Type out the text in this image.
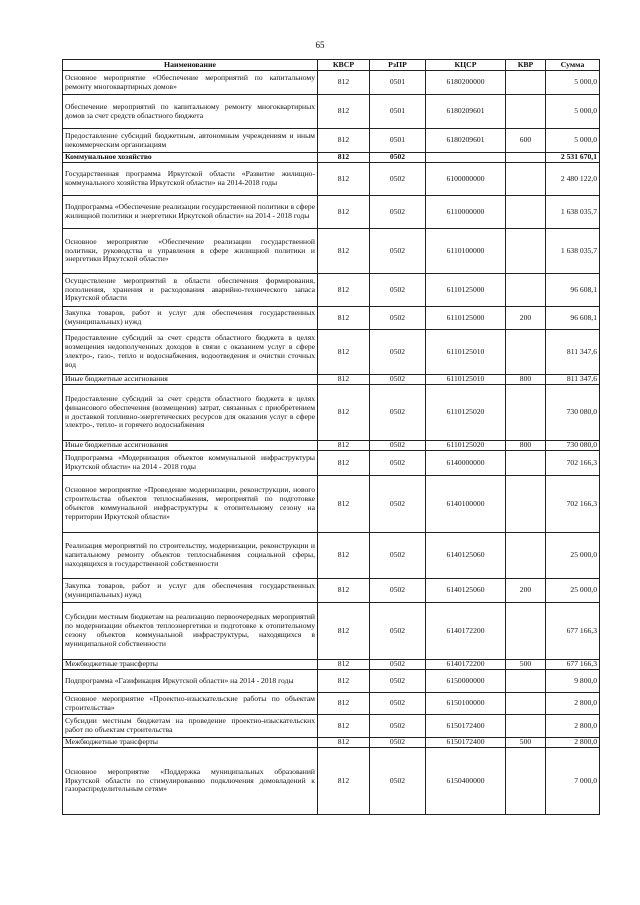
65
Наименование	КВСР	РзПР	КЦСР	КВР	Сумма
Основное мероприятие «Обеспечение мероприятий по капитальному ремонту многоквартирных домов»	812	0501	6180200000		5 000,0
Обеспечение мероприятий по капитальному ремонту многоквартирных домов за счет средств областного бюджета	812	0501	6180209601		5 000,0
Предоставление субсидий бюджетным, автономным учреждениям и иным некоммерческим организациям	812	0501	6180209601	600	5 000,0
Коммунальное хозяйство	812	0502			2 531 670,1
Государственная программа Иркутской области «Развитие жилищно-коммунального хозяйства Иркутской области» на 2014-2018 годы	812	0502	6100000000		2 480 122,0
Подпрограмма «Обеспечение реализации государственной политики в сфере жилищной политики и энергетики Иркутской области» на 2014 - 2018 годы	812	0502	6110000000		1 638 035,7
Основное мероприятие «Обеспечение реализации государственной политики, руководства и управления в сфере жилищной политики и энергетики Иркутской области»	812	0502	6110100000		1 638 035,7
Осуществление мероприятий в области обеспечения формирования, пополнения, хранения и расходования аварийно-технического запаса Иркутской области	812	0502	6110125000		96 608,1
Закупка товаров, работ и услуг для обеспечения государственных (муниципальных) нужд	812	0502	6110125000	200	96 608,1
Предоставление субсидий за счет средств областного бюджета в целях возмещения недополученных доходов в связи с оказанием услуг в сфере электро-, газо-, тепло и водоснабжения, водоотведения и очистки сточных вод	812	0502	6110125010		811 347,6
Иные бюджетные ассигнования	812	0502	6110125010	800	811 347,6
Предоставление субсидий за счет средств областного бюджета в целях финансового обеспечения (возмещения) затрат, связанных с приобретением и доставкой топливно-энергетических ресурсов для оказания услуг в сфере электро-, тепло- и горячего водоснабжения	812	0502	6110125020		730 080,0
Иные бюджетные ассигнования	812	0502	6110125020	800	730 080,0
Подпрограмма «Модернизация объектов коммунальной инфраструктуры Иркутской области» на 2014 - 2018 годы	812	0502	6140000000		702 166,3
Основное мероприятие «Проведение модернизации, реконструкции, нового строительства объектов теплоснабжения, мероприятий по подготовке объектов коммунальной инфраструктуры к отопительному сезону на территории Иркутской области»	812	0502	6140100000		702 166,3
Реализация мероприятий по строительству, модернизации, реконструкции и капитальному ремонту объектов теплоснабжения социальной сферы, находящихся в государственной собственности	812	0502	6140125060		25 000,0
Закупка товаров, работ и услуг для обеспечения государственных (муниципальных) нужд	812	0502	6140125060	200	25 000,0
Субсидии местным бюджетам на реализацию первоочередных мероприятий по модернизации объектов теплоэнергетики и подготовке к отопительному сезону объектов коммунальной инфраструктуры, находящихся в муниципальной собственности	812	0502	6140172200		677 166,3
Межбюджетные трансферты	812	0502	6140172200	500	677 166,3
Подпрограмма «Газификация Иркутской области» на 2014 - 2018 годы	812	0502	6150000000		9 800,0
Основное мероприятие «Проектно-изыскательские работы по объектам строительства»	812	0502	6150100000		2 800,0
Субсидии местным бюджетам на проведение проектно-изыскательских работ по объектам строительства	812	0502	6150172400		2 800,0
Межбюджетные трансферты	812	0502	6150172400	500	2 800,0
Основное мероприятие «Поддержка муниципальных образований Иркутской области по стимулированию подключения домовладений к газораспределительным сетям»	812	0502	6150400000		7 000,0
